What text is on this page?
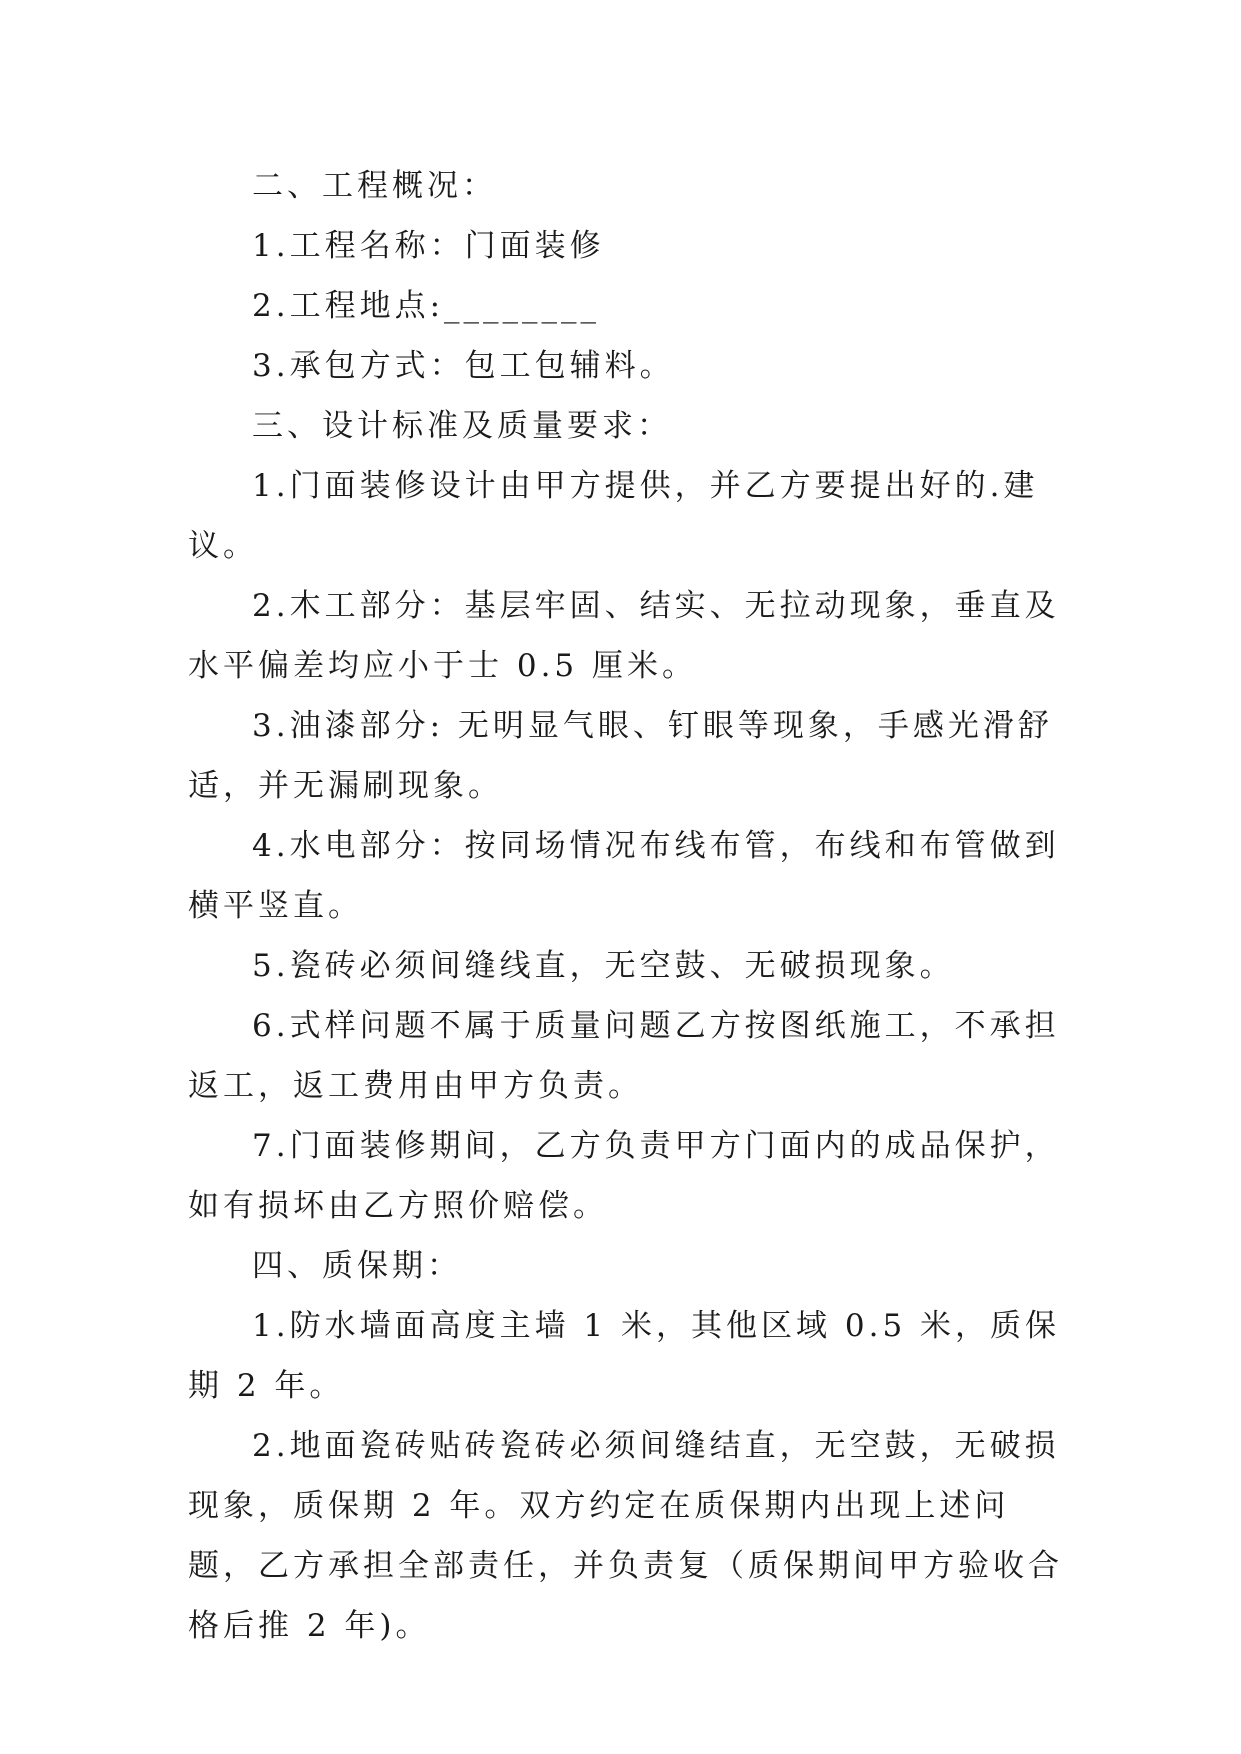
二、工程概况：

1.工程名称：门面装修

2.工程地点:________

3.承包方式：包工包辅料。

三、设计标准及质量要求：

1.门面装修设计由甲方提供，并乙方要提出好的.建议。

2.木工部分：基层牢固、结实、无拉动现象，垂直及水平偏差均应小于士 0.5 厘米。

3.油漆部分: 无明显气眼、钉眼等现象，手感光滑舒适，并无漏刷现象。

4.水电部分：按同场情况布线布管，布线和布管做到横平竖直。

5.瓷砖必须间缝线直，无空鼓、无破损现象。

6.式样问题不属于质量问题乙方按图纸施工，不承担返工，返工费用由甲方负责。

7.门面装修期间，乙方负责甲方门面内的成品保护，如有损坏由乙方照价赔偿。

四、质保期：

1.防水墙面高度主墙 1 米，其他区域 0.5 米，质保期 2 年。

2.地面瓷砖贴砖瓷砖必须间缝结直，无空鼓，无破损现象，质保期 2 年。双方约定在质保期内出现上述问题，乙方承担全部责任，并负责复（质保期间甲方验收合格后推 2 年)。
